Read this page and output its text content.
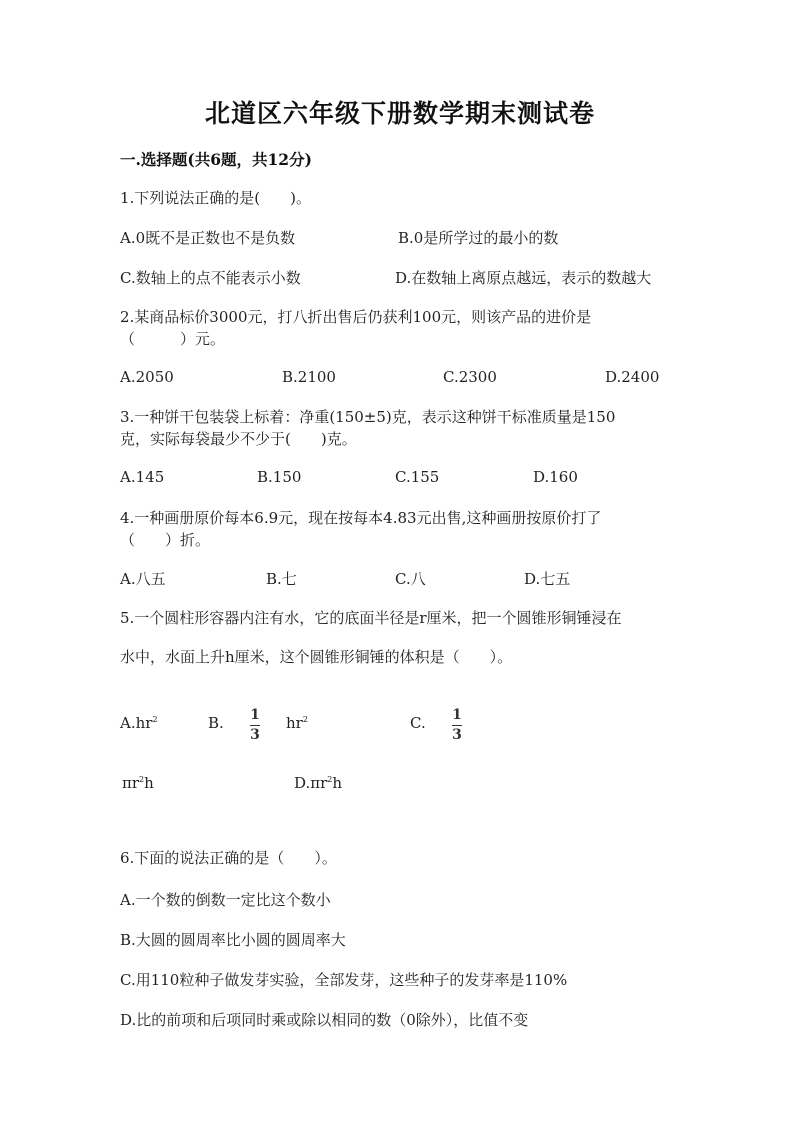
北道区六年级下册数学期末测试卷
一.选择题(共6题，共12分)
1.下列说法正确的是(　　)。
A.0既不是正数也不是负数	B.0是所学过的最小的数
C.数轴上的点不能表示小数	D.在数轴上离原点越远，表示的数越大
2.某商品标价3000元，打八折出售后仍获利100元，则该产品的进价是
（　　　）元。
A.2050	B.2100	C.2300	D.2400
3.一种饼干包装袋上标着：净重(150±5)克，表示这种饼干标准质量是150
克，实际每袋最少不少于(　　)克。
A.145	B.150	C.155	D.160
4.一种画册原价每本6.9元，现在按每本4.83元出售,这种画册按原价打了
（　　）折。
A.八五	B.七	C.八	D.七五
5.一个圆柱形容器内注有水，它的底面半径是r厘米，把一个圆锥形铜锤浸在
水中，水面上升h厘米，这个圆锥形铜锤的体积是（　　）。
$A.hr^2$	B. 1
3
$hr^2$	C. 1
3
$\pi r^2h$	$D.\pi r^2h$
6.下面的说法正确的是（　　）。
A.一个数的倒数一定比这个数小
B.大圆的圆周率比小圆的圆周率大
C.用110粒种子做发芽实验，全部发芽，这些种子的发芽率是110%
D.比的前项和后项同时乘或除以相同的数（0除外），比值不变
